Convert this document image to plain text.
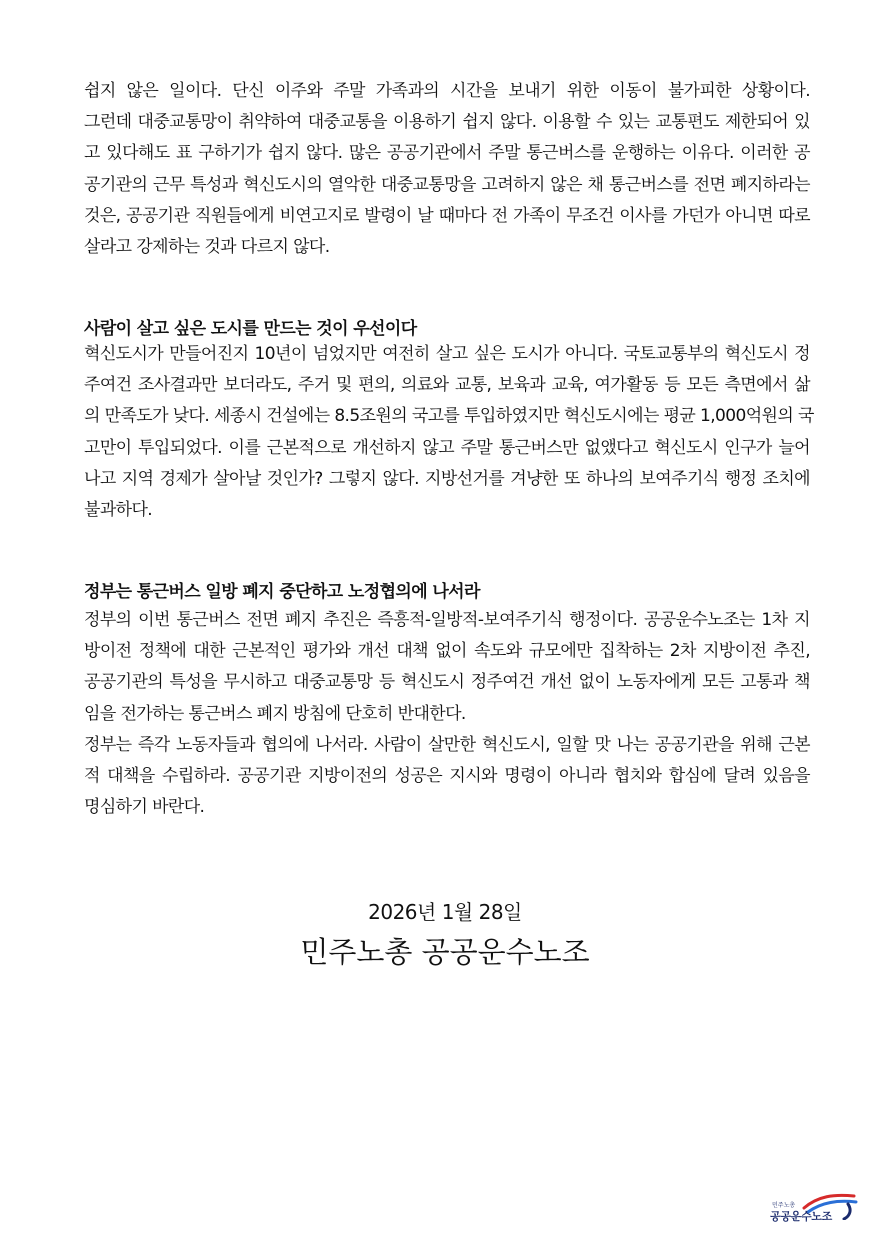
쉽지 않은 일이다. 단신 이주와 주말 가족과의 시간을 보내기 위한 이동이 불가피한 상황이다.
그런데 대중교통망이 취약하여 대중교통을 이용하기 쉽지 않다. 이용할 수 있는 교통편도 제한되어 있
고 있다해도 표 구하기가 쉽지 않다. 많은 공공기관에서 주말 통근버스를 운행하는 이유다. 이러한 공
공기관의 근무 특성과 혁신도시의 열악한 대중교통망을 고려하지 않은 채 통근버스를 전면 폐지하라는
것은, 공공기관 직원들에게 비연고지로 발령이 날 때마다 전 가족이 무조건 이사를 가던가 아니면 따로
살라고 강제하는 것과 다르지 않다.
사람이 살고 싶은 도시를 만드는 것이 우선이다
혁신도시가 만들어진지 10년이 넘었지만 여전히 살고 싶은 도시가 아니다. 국토교통부의 혁신도시 정
주여건 조사결과만 보더라도, 주거 및 편의, 의료와 교통, 보육과 교육, 여가활동 등 모든 측면에서 삶
의 만족도가 낮다. 세종시 건설에는 8.5조원의 국고를 투입하였지만 혁신도시에는 평균 1,000억원의 국
고만이 투입되었다. 이를 근본적으로 개선하지 않고 주말 통근버스만 없앴다고 혁신도시 인구가 늘어
나고 지역 경제가 살아날 것인가? 그렇지 않다. 지방선거를 겨냥한 또 하나의 보여주기식 행정 조치에
불과하다.
정부는 통근버스 일방 폐지 중단하고 노정협의에 나서라
정부의 이번 통근버스 전면 폐지 추진은 즉흥적-일방적-보여주기식 행정이다. 공공운수노조는 1차 지
방이전 정책에 대한 근본적인 평가와 개선 대책 없이 속도와 규모에만 집착하는 2차 지방이전 추진,
공공기관의 특성을 무시하고 대중교통망 등 혁신도시 정주여건 개선 없이 노동자에게 모든 고통과 책
임을 전가하는 통근버스 폐지 방침에 단호히 반대한다.
정부는 즉각 노동자들과 협의에 나서라. 사람이 살만한 혁신도시, 일할 맛 나는 공공기관을 위해 근본
적 대책을 수립하라. 공공기관 지방이전의 성공은 지시와 명령이 아니라 협치와 합심에 달려 있음을
명심하기 바란다.

2026년 1월 28일

민주노총 공공운수노조

민주노총
공공운수노조
